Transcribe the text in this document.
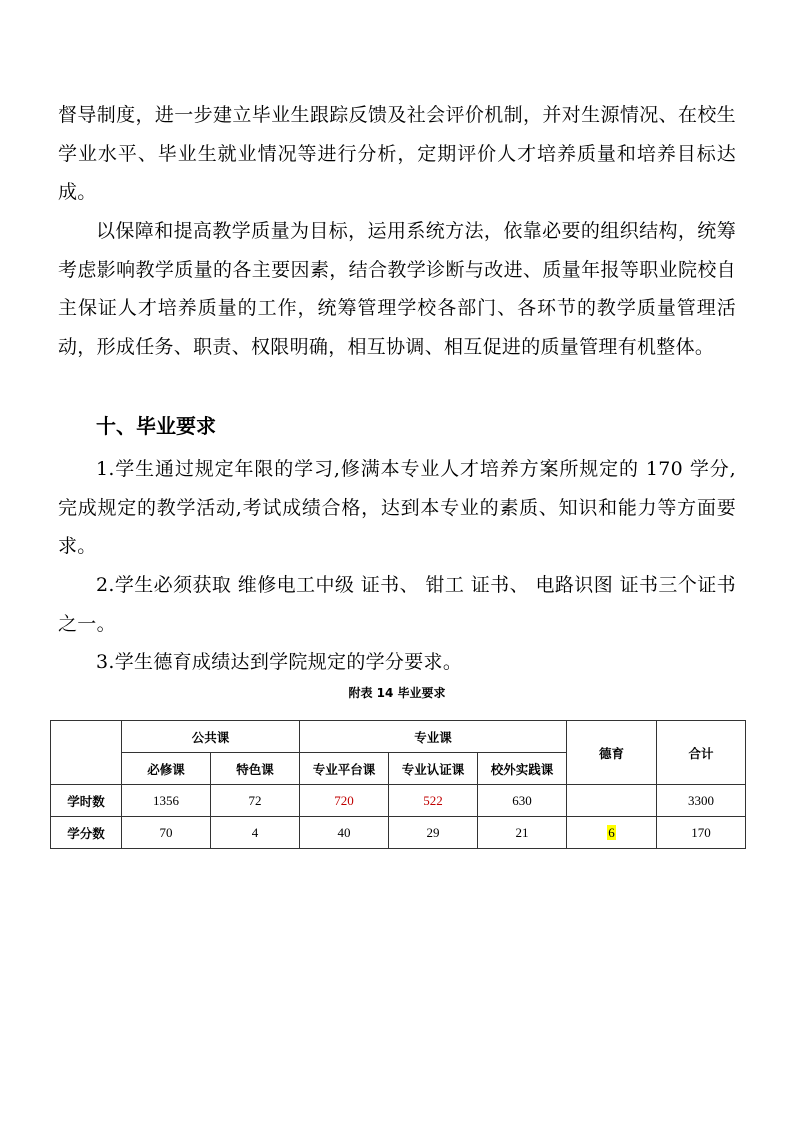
督导制度，进一步建立毕业生跟踪反馈及社会评价机制，并对生源情况、在校生学业水平、毕业生就业情况等进行分析，定期评价人才培养质量和培养目标达成。

以保障和提高教学质量为目标，运用系统方法，依靠必要的组织结构，统筹考虑影响教学质量的各主要因素，结合教学诊断与改进、质量年报等职业院校自主保证人才培养质量的工作，统筹管理学校各部门、各环节的教学质量管理活动，形成任务、职责、权限明确，相互协调、相互促进的质量管理有机整体。

十、毕业要求

1.学生通过规定年限的学习,修满本专业人才培养方案所规定的 170 学分,完成规定的教学活动,考试成绩合格，达到本专业的素质、知识和能力等方面要求。

2.学生必须获取 维修电工中级 证书、 钳工 证书、 电路识图 证书三个证书之一。

3.学生德育成绩达到学院规定的学分要求。

附表 14 毕业要求
	公共课		专业课			德育	合计
	必修课	特色课	专业平台课	专业认证课	校外实践课		
学时数	1356	72	720	522	630		3300
学分数	70	4	40	29	21	6	170
